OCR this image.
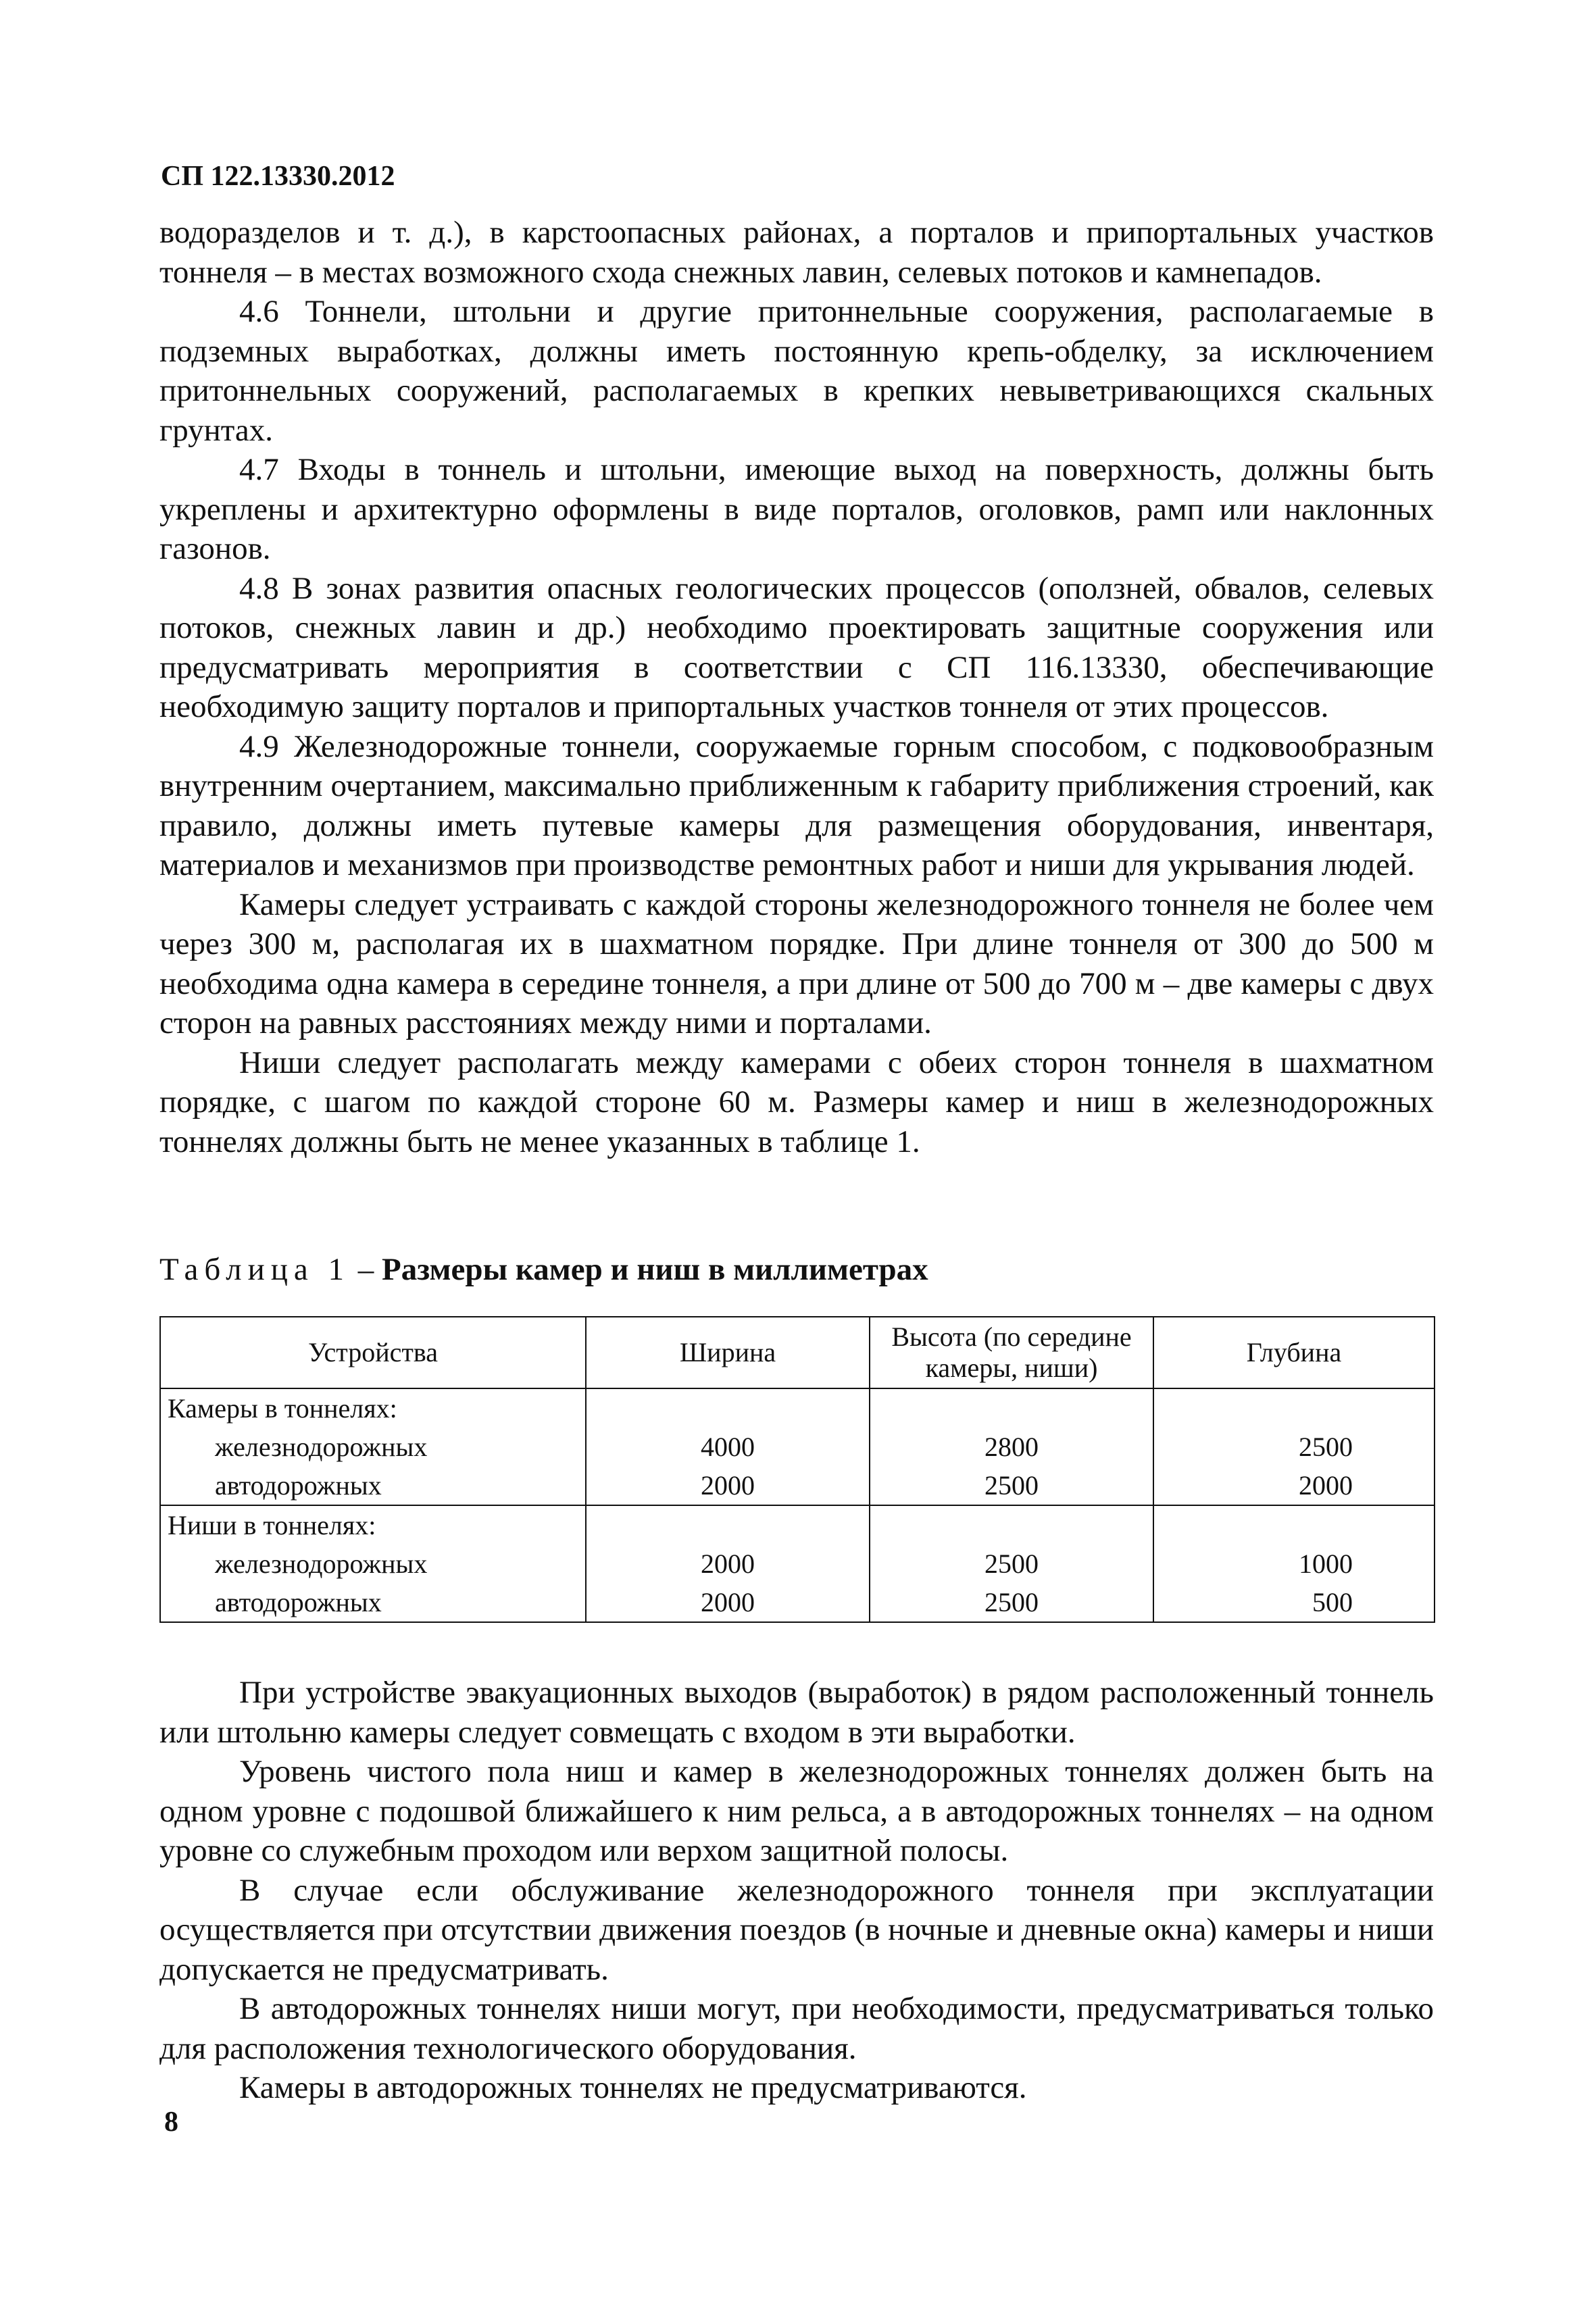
СП 122.13330.2012

водоразделов и т. д.), в карстоопасных районах, а порталов и припортальных участков тоннеля – в местах возможного схода снежных лавин, селевых потоков и камнепадов.

4.6 Тоннели, штольни и другие притоннельные сооружения, располагаемые в подземных выработках, должны иметь постоянную крепь-обделку, за исключением притоннельных сооружений, располагаемых в крепких невыветривающихся скальных грунтах.

4.7 Входы в тоннель и штольни, имеющие выход на поверхность, должны быть укреплены и архитектурно оформлены в виде порталов, оголовков, рамп или наклонных газонов.

4.8 В зонах развития опасных геологических процессов (оползней, обвалов, селевых потоков, снежных лавин и др.) необходимо проектировать защитные сооружения или предусматривать мероприятия в соответствии с СП 116.13330, обеспечивающие необходимую защиту порталов и припортальных участков тоннеля от этих процессов.

4.9 Железнодорожные тоннели, сооружаемые горным способом, с подковообразным внутренним очертанием, максимально приближенным к габариту приближения строений, как правило, должны иметь путевые камеры для размещения оборудования, инвентаря, материалов и механизмов при производстве ремонтных работ и ниши для укрывания людей.

Камеры следует устраивать с каждой стороны железнодорожного тоннеля не более чем через 300 м, располагая их в шахматном порядке. При длине тоннеля от 300 до 500 м необходима одна камера в середине тоннеля, а при длине от 500 до 700 м – две камеры с двух сторон на равных расстояниях между ними и порталами.

Ниши следует располагать между камерами с обеих сторон тоннеля в шахматном порядке, с шагом по каждой стороне 60 м. Размеры камер и ниш в железнодорожных тоннелях должны быть не менее указанных в таблице 1.

Таблица 1 – Размеры камер и ниш в миллиметрах
Устройства	Ширина	Высота (по середине камеры, ниши)	Глубина
Камеры в тоннелях:			
железнодорожных	4000	2800	2500
автодорожных	2000	2500	2000
Ниши в тоннелях:			
железнодорожных	2000	2500	1000
автодорожных	2000	2500	500

При устройстве эвакуационных выходов (выработок) в рядом расположенный тоннель или штольню камеры следует совмещать с входом в эти выработки.

Уровень чистого пола ниш и камер в железнодорожных тоннелях должен быть на одном уровне с подошвой ближайшего к ним рельса, а в автодорожных тоннелях – на одном уровне со служебным проходом или верхом защитной полосы.

В случае если обслуживание железнодорожного тоннеля при эксплуатации осуществляется при отсутствии движения поездов (в ночные и дневные окна) камеры и ниши допускается не предусматривать.

В автодорожных тоннелях ниши могут, при необходимости, предусматриваться только для расположения технологического оборудования.

Камеры в автодорожных тоннелях не предусматриваются.

8
